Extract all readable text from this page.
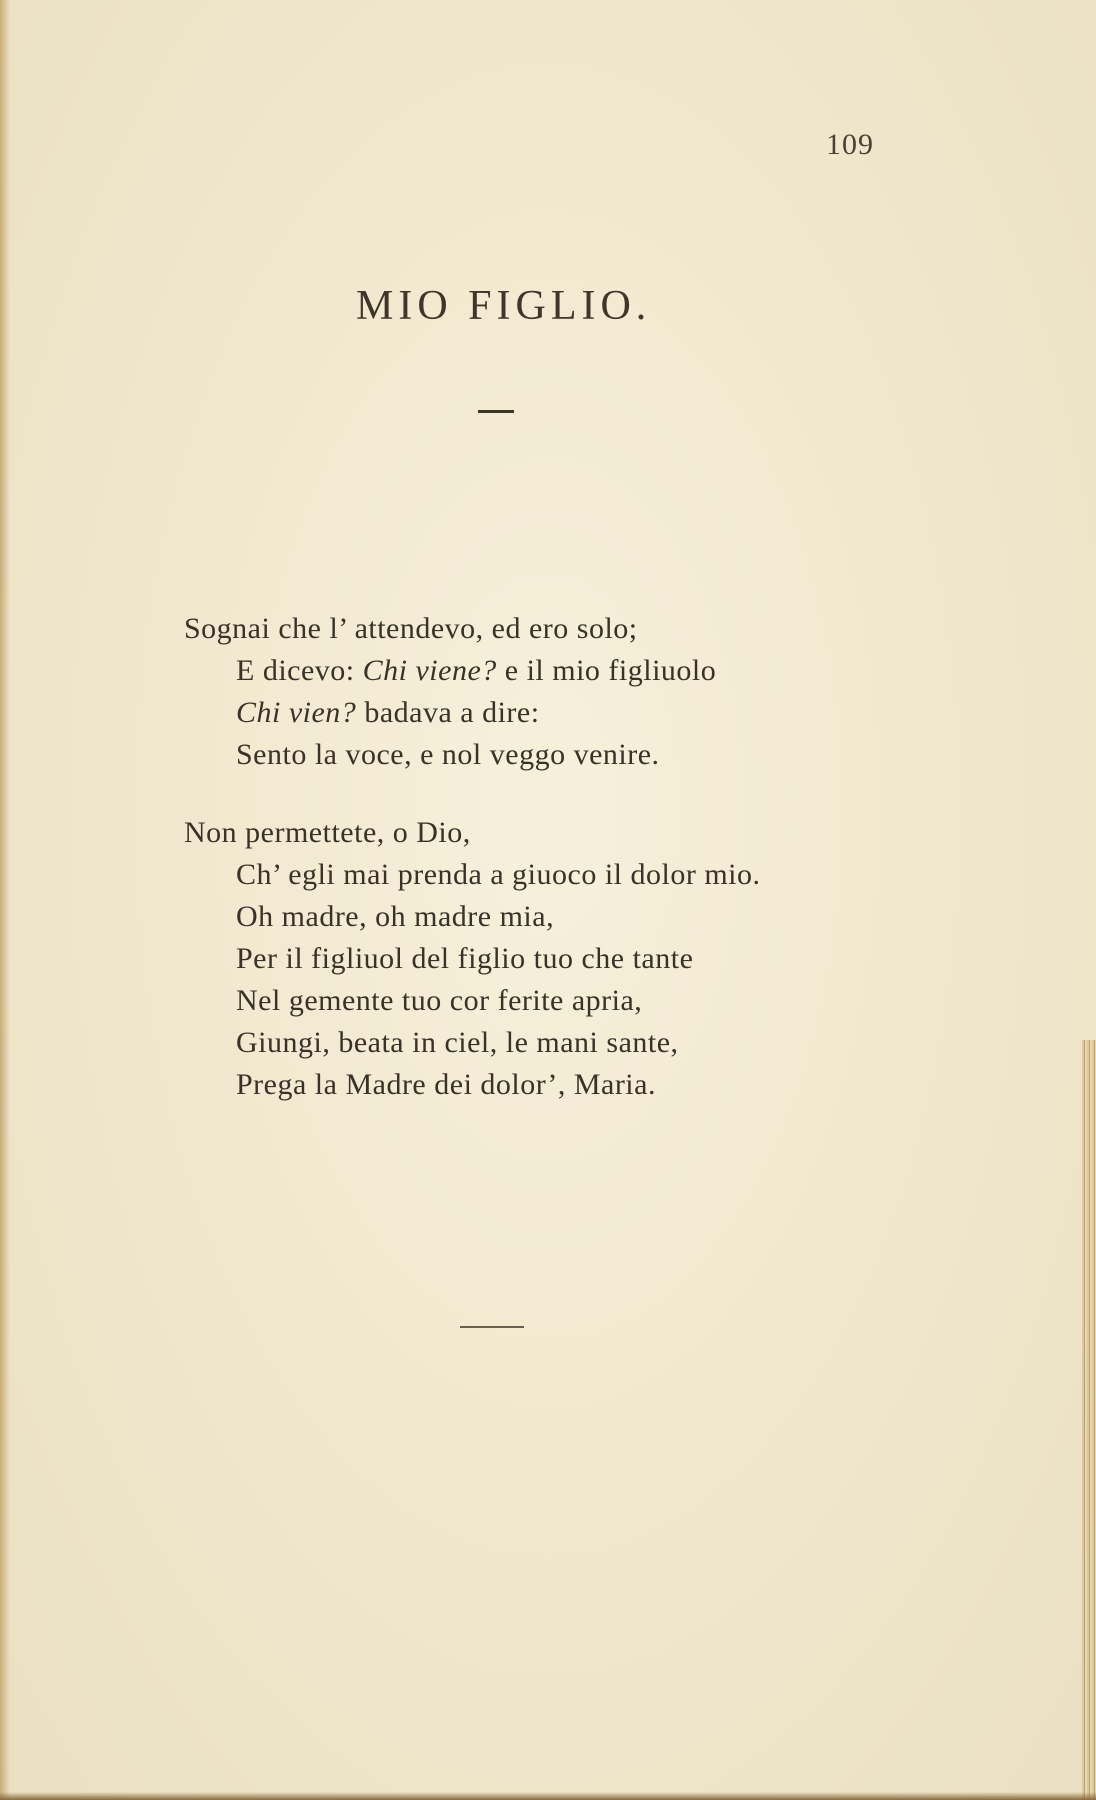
109
MIO FIGLIO.
Sognai che l’ attendevo, ed ero solo;
E dicevo: Chi viene? e il mio figliuolo
Chi vien? badava a dire:
Sento la voce, e nol veggo venire.
Non permettete, o Dio,
Ch’ egli mai prenda a giuoco il dolor mio.
Oh madre, oh madre mia,
Per il figliuol del figlio tuo che tante
Nel gemente tuo cor ferite apria,
Giungi, beata in ciel, le mani sante,
Prega la Madre dei dolor’, Maria.
